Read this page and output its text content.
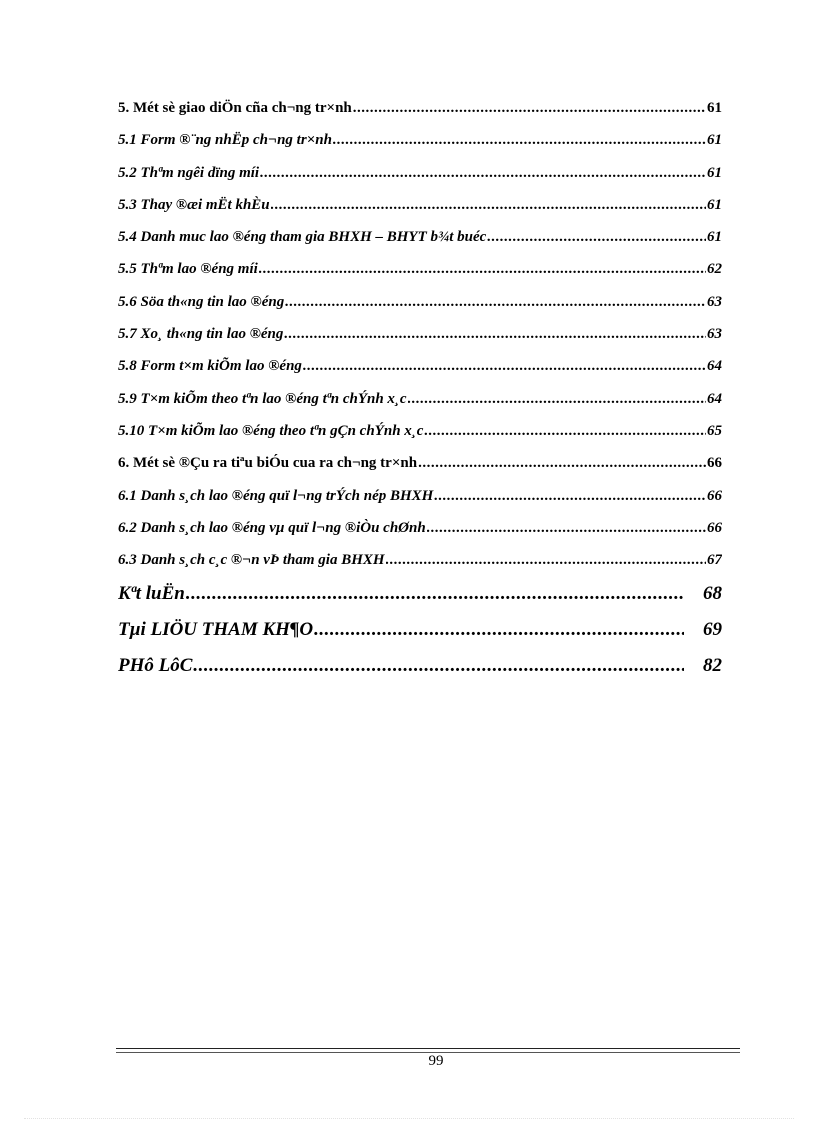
5. Mét sè giao diÖn cña ch¬ng tr×nh .....	61
5.1 Form ®¨ng nhËp ch¬ng tr×nh .....	61
5.2 Thªm ngêi dïng míi .....	61
5.3 Thay ®æi mËt khÈu .....	61
5.4 Danh muc lao ®éng tham gia BHXH – BHYT b¾t buéc .....	61
5.5 Thªm lao ®éng míi .....	62
5.6 Söa th«ng tin lao ®éng .....	63
5.7 Xo¸ th«ng tin lao ®éng .....	63
5.8 Form t×m kiÕm lao ®éng .....	64
5.9 T×m kiÕm theo tªn lao ®éng tªn chÝnh x¸c .....	64
5.10 T×m kiÕm lao ®éng theo tªn gÇn chÝnh x¸c .....	65
6. Mét sè ®Çu ra tiªu biÓu cua ra ch¬ng tr×nh .....	66
6.1 Danh s¸ch lao ®éng quï l¬ng trÝch nép BHXH .....	66
6.2 Danh s¸ch lao ®éng vµ quï l¬ng ®iÒu chØnh .....	66
6.3 Danh s¸ch c¸c ®¬n vÞ tham gia BHXH .....	67
Kªt luËn .....	68
Tµi LIÖU THAM KH¶O .....	69
PHô LôC .....	82
99
